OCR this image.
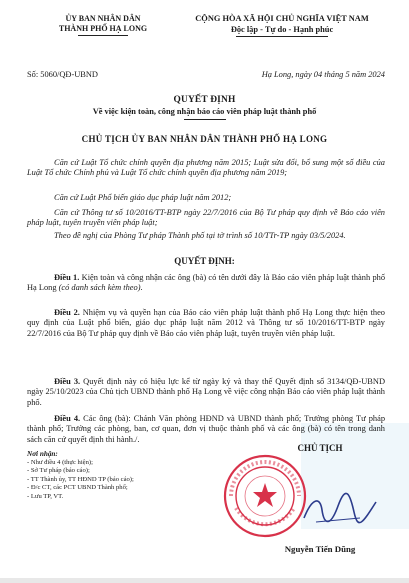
ỦY BAN NHÂN DÂN
THÀNH PHỐ HẠ LONG
CỘNG HÒA XÃ HỘI CHỦ NGHĨA VIỆT NAM
Độc lập - Tự do - Hạnh phúc
Số: 5060/QĐ-UBND	Hạ Long, ngày 04 tháng 5 năm 2024
QUYẾT ĐỊNH
Về việc kiện toàn, công nhận báo cáo viên pháp luật thành phố
CHỦ TỊCH ỦY BAN NHÂN DÂN THÀNH PHỐ HẠ LONG

Căn cứ Luật Tổ chức chính quyền địa phương năm 2015; Luật sửa đổi, bổ sung một số điều của Luật Tổ chức Chính phủ và Luật Tổ chức chính quyền địa phương năm 2019;

Căn cứ Luật Phổ biến giáo dục pháp luật năm 2012;

Căn cứ Thông tư số 10/2016/TT-BTP ngày 22/7/2016 của Bộ Tư pháp quy định về Báo cáo viên pháp luật, tuyên truyền viên pháp luật;

Theo đề nghị của Phòng Tư pháp Thành phố tại tờ trình số 10/TTr-TP ngày 03/5/2024.

QUYẾT ĐỊNH:

Điều 1. Kiện toàn và công nhận các ông (bà) có tên dưới đây là Báo cáo viên pháp luật thành phố Hạ Long (có danh sách kèm theo).

Điều 2. Nhiệm vụ và quyền hạn của Báo cáo viên pháp luật thành phố Hạ Long thực hiện theo quy định của Luật phổ biến, giáo dục pháp luật năm 2012 và Thông tư số 10/2016/TT-BTP ngày 22/7/2016 của Bộ Tư pháp quy định về Báo cáo viên pháp luật, tuyên truyền viên pháp luật.

Điều 3. Quyết định này có hiệu lực kể từ ngày ký và thay thế Quyết định số 3134/QĐ-UBND ngày 25/10/2023 của Chủ tịch UBND thành phố Hạ Long về việc công nhận Báo cáo viên pháp luật thành phố.

Điều 4. Các ông (bà): Chánh Văn phòng HĐND và UBND thành phố; Trưởng phòng Tư pháp thành phố; Trưởng các phòng, ban, cơ quan, đơn vị thuộc thành phố và các ông (bà) có tên trong danh sách căn cứ quyết định thi hành./.

Nơi nhận:
- Như điều 4 (thực hiện);
- Sở Tư pháp (báo cáo);
- TT Thành ủy, TT HĐND TP (báo cáo);
- Đ/c CT, các PCT UBND Thành phố;
- Lưu TP, VT.
CHỦ TỊCH
Nguyễn Tiến Dũng
